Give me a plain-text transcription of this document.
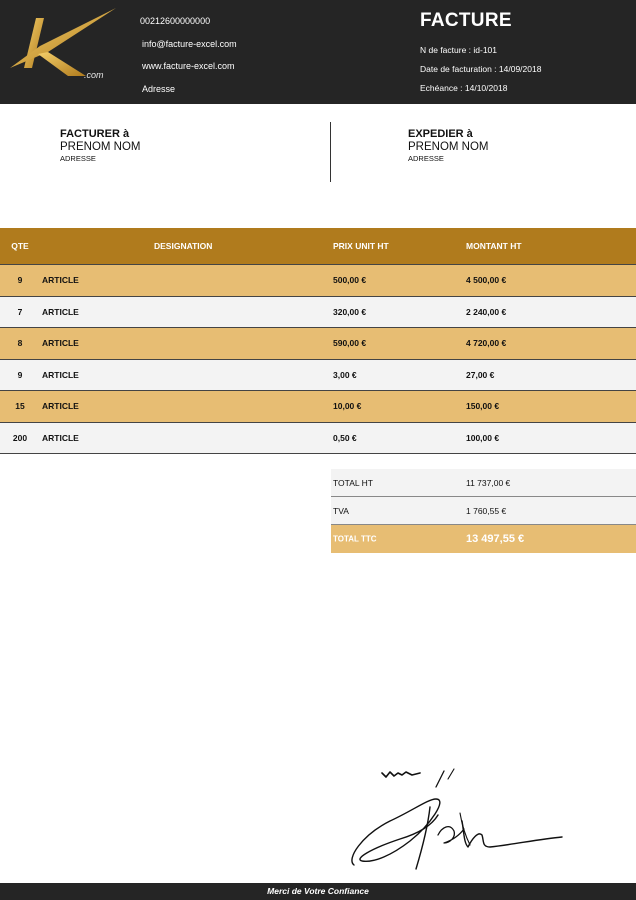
.com
00212600000000
info@facture-excel.com
www.facture-excel.com
Adresse
FACTURE
N de facture : id-101
Date de facturation : 14/09/2018
Echéance : 14/10/2018
FACTURER à
PRENOM NOM
ADRESSE
EXPEDIER à
PRENOM NOM
ADRESSE
QTE	DESIGNATION	PRIX UNIT HT	MONTANT HT
9	ARTICLE	500,00 €	4 500,00 €
7	ARTICLE	320,00 €	2 240,00 €
8	ARTICLE	590,00 €	4 720,00 €
9	ARTICLE	3,00 €	27,00 €
15	ARTICLE	10,00 €	150,00 €
200	ARTICLE	0,50 €	100,00 €
TOTAL HT	11 737,00 €
TVA	1 760,55 €
TOTAL TTC	13 497,55 €
Merci de Votre Confiance
